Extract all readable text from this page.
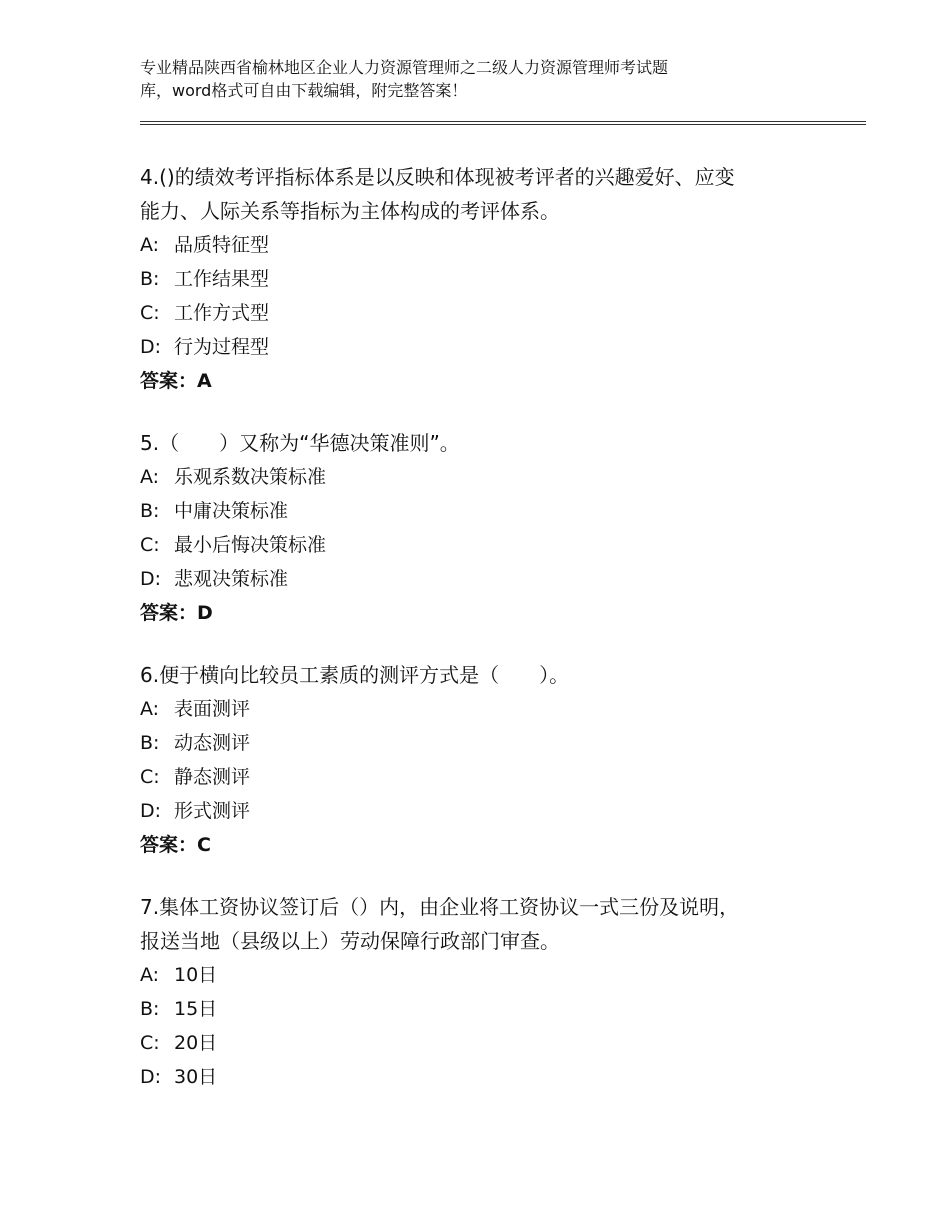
专业精品陕西省榆林地区企业人力资源管理师之二级人力资源管理师考试题
库，word格式可自由下载编辑，附完整答案！
4.()的绩效考评指标体系是以反映和体现被考评者的兴趣爱好、应变
能力、人际关系等指标为主体构成的考评体系。
A: 品质特征型
B: 工作结果型
C: 工作方式型
D: 行为过程型
答案：A
5.（　　）又称为“华德决策准则”。
A: 乐观系数决策标准
B: 中庸决策标准
C: 最小后悔决策标准
D: 悲观决策标准
答案：D
6.便于横向比较员工素质的测评方式是（　　）。
A: 表面测评
B: 动态测评
C: 静态测评
D: 形式测评
答案：C
7.集体工资协议签订后（）内，由企业将工资协议一式三份及说明，
报送当地（县级以上）劳动保障行政部门审查。
A: 10日
B: 15日
C: 20日
D: 30日
